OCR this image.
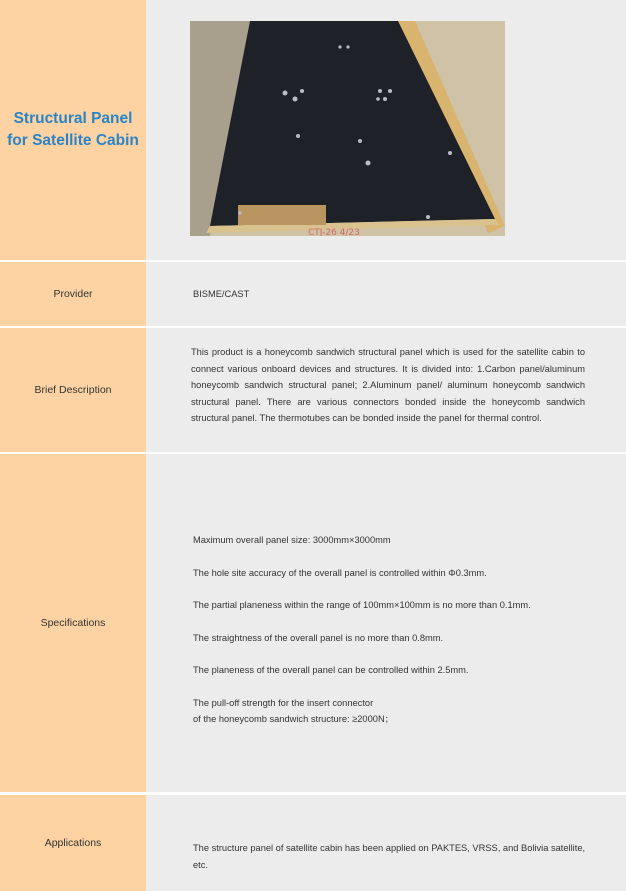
Structural Panel for Satellite Cabin
CTJ-26 4/23
Provider	BISME/CAST
Brief Description
This product is a honeycomb sandwich structural panel which is used for the satellite cabin to connect various onboard devices and structures. It is divided into: 1.Carbon panel/aluminum honeycomb sandwich structural panel; 2.Aluminum panel/ aluminum honeycomb sandwich structural panel. There are various connectors bonded inside the honeycomb sandwich structural panel. The thermotubes can be bonded inside the panel for thermal control.
Specifications

Maximum overall panel size: 3000mm×3000mm

The hole site accuracy of the overall panel is controlled within Φ0.3mm.

The partial planeness within the range of 100mm×100mm is no more than 0.1mm.

The straightness of the overall panel is no more than 0.8mm.

The planeness of the overall panel can be controlled within 2.5mm.

The pull-off strength for the insert connector
of the honeycomb sandwich structure: ≥2000N；

Applications	The structure panel of satellite cabin has been applied on PAKTES, VRSS, and Bolivia satellite, etc.
